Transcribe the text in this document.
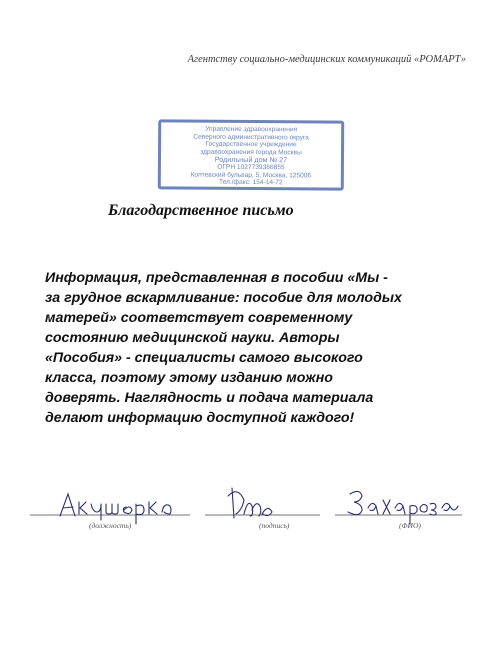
Агентству социально-медицинских коммуникаций «РОМАРТ»
Управление здравоохранения
Северного административного округа
Государственное учреждение
здравоохранения города Москвы
Родильный дом № 27
ОГРН 1027739366855
Коптевский бульвар, 5, Москва, 125006
Тел./факс: 154-14-72
Благодарственное письмо
Информация, представленная в пособии «Мы -
за грудное вскармливание: пособие для молодых
матерей» соответствует современному
состоянию медицинской науки. Авторы
«Пособия» - специалисты самого высокого
класса, поэтому этому изданию можно
доверять. Наглядность и подача материала
делают информацию доступной каждого!
(должность)	(подпись)	(ФИО)
